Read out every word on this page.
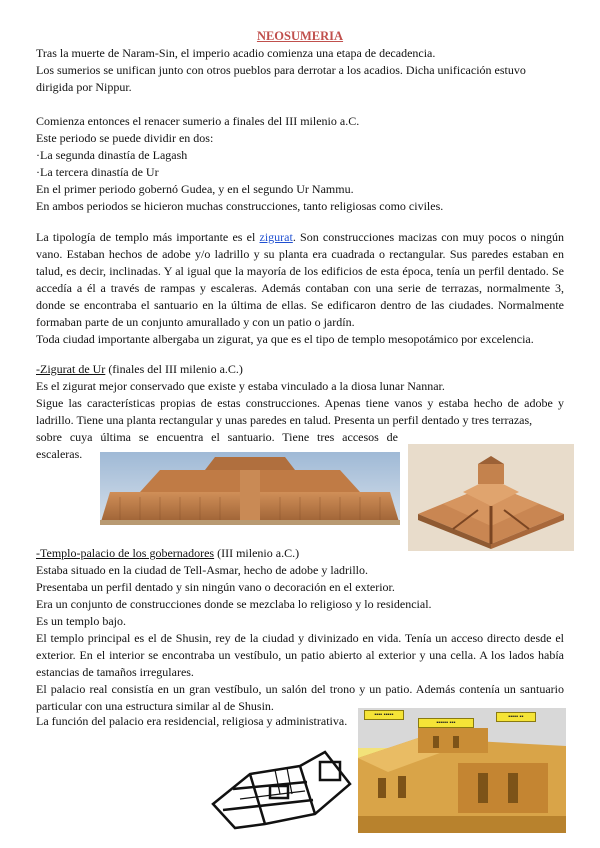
NEOSUMERIA

Tras la muerte de Naram-Sin, el imperio acadio comienza una etapa de decadencia.

Los sumerios se unifican junto con otros pueblos para derrotar a los acadios. Dicha unificación estuvo dirigida por Nippur.

Comienza entonces el renacer sumerio a finales del III milenio a.C.

Este periodo se puede dividir en dos:

·La segunda dinastía de Lagash

·La tercera dinastía de Ur

En el primer periodo gobernó Gudea, y en el segundo Ur Nammu.

En ambos periodos se hicieron muchas construcciones, tanto religiosas como civiles.

La tipología de templo más importante es el zigurat. Son construcciones macizas con muy pocos o ningún vano. Estaban hechos de adobe y/o ladrillo y su planta era cuadrada o rectangular. Sus paredes estaban en talud, es decir, inclinadas. Y al igual que la mayoría de los edificios de esta época, tenía un perfil dentado. Se accedía a él a través de rampas y escaleras. Además contaban con una serie de terrazas, normalmente 3, donde se encontraba el santuario en la última de ellas. Se edificaron dentro de las ciudades. Normalmente formaban parte de un conjunto amurallado y con un patio o jardín.

Toda ciudad importante albergaba un zigurat, ya que es el tipo de templo mesopotámico por excelencia.

-Zigurat de Ur (finales del III milenio a.C.)

Es el zigurat mejor conservado que existe y estaba vinculado a la diosa lunar Nannar.

Sigue las características propias de estas construcciones. Apenas tiene vanos y estaba hecho de adobe y ladrillo. Tiene una planta rectangular y unas paredes en talud. Presenta un perfil dentado y tres terrazas,

sobre cuya última se encuentra el santuario. Tiene tres accesos de escaleras.

-Templo-palacio de los gobernadores (III milenio a.C.)

Estaba situado en la ciudad de Tell-Asmar, hecho de adobe y ladrillo.

Presentaba un perfil dentado y sin ningún vano o decoración en el exterior.

Era un conjunto de construcciones donde se mezclaba lo religioso y lo residencial.

Es un templo bajo.

El templo principal es el de Shusin, rey de la ciudad y divinizado en vida. Tenía un acceso directo desde el exterior. En el interior se encontraba un vestíbulo, un patio abierto al exterior y una cella. A los lados había estancias de tamaños irregulares.

El palacio real consistía en un gran vestíbulo, un salón del trono y un patio. Además contenía un santuario particular con una estructura similar al de Shusin.

La función del palacio era residencial, religiosa y administrativa.	▪▪▪▪ ▪▪▪▪▪
▪▪▪▪▪▪ ▪▪▪
▪▪▪▪▪ ▪▪
